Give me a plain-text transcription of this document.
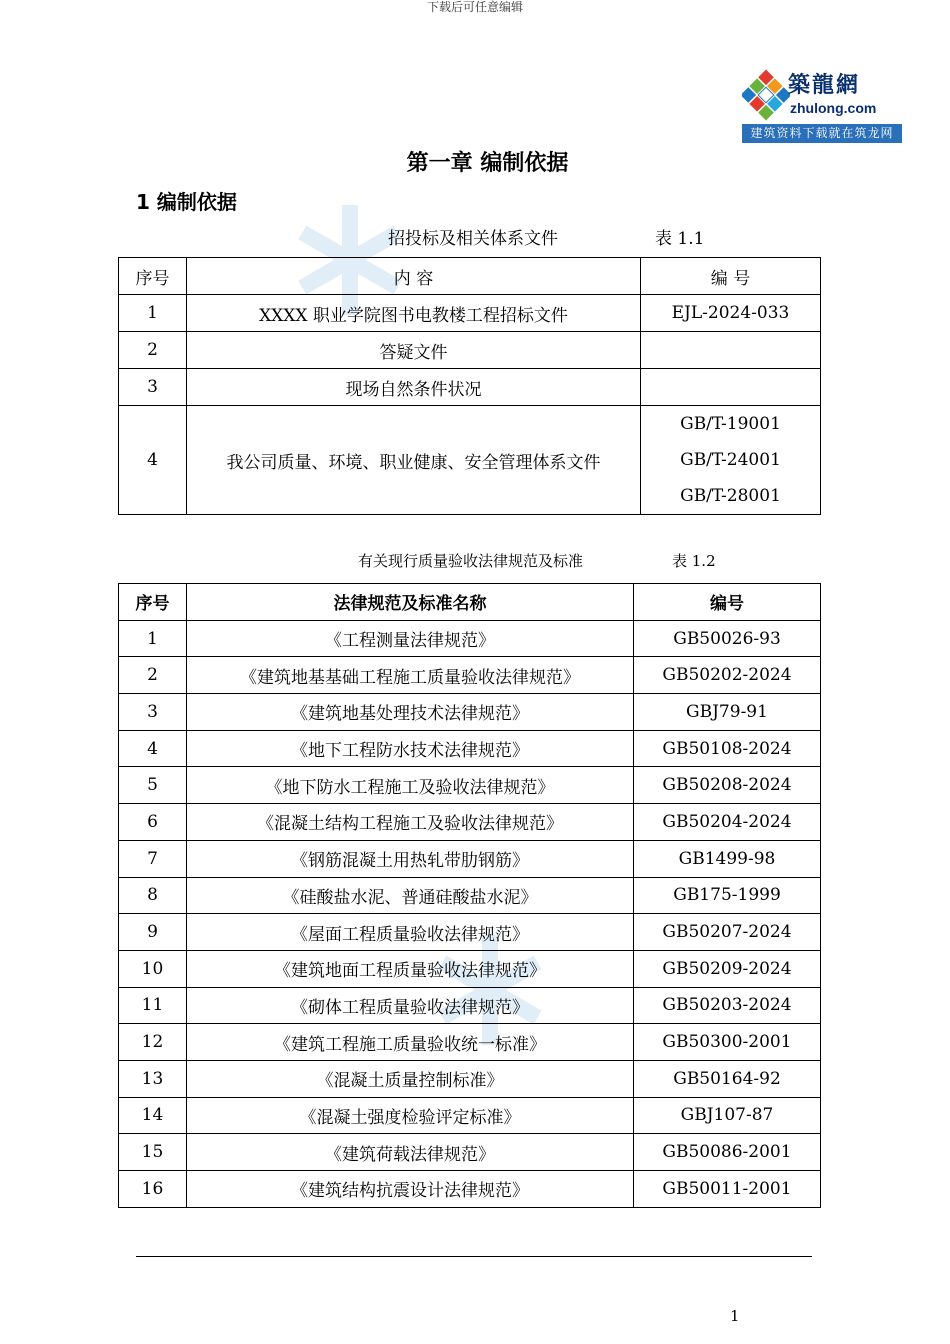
下载后可任意编辑
築龍網
zhulong.com
建筑资料下载就在筑龙网
第一章 编制依据
1 编制依据
招投标及相关体系文件	表 1.1
序号	内 容	编 号
1	XXXX 职业学院图书电教楼工程招标文件	EJL-2024-033
2	答疑文件	
3	现场自然条件状况	
4	我公司质量、环境、职业健康、安全管理体系文件	GB/T-19001
GB/T-24001
GB/T-28001
有关现行质量验收法律规范及标准	表 1.2
序号	法律规范及标准名称	编号
1	《工程测量法律规范》	GB50026-93
2	《建筑地基基础工程施工质量验收法律规范》	GB50202-2024
3	《建筑地基处理技术法律规范》	GBJ79-91
4	《地下工程防水技术法律规范》	GB50108-2024
5	《地下防水工程施工及验收法律规范》	GB50208-2024
6	《混凝土结构工程施工及验收法律规范》	GB50204-2024
7	《钢筋混凝土用热轧带肋钢筋》	GB1499-98
8	《硅酸盐水泥、普通硅酸盐水泥》	GB175-1999
9	《屋面工程质量验收法律规范》	GB50207-2024
10	《建筑地面工程质量验收法律规范》	GB50209-2024
11	《砌体工程质量验收法律规范》	GB50203-2024
12	《建筑工程施工质量验收统一标准》	GB50300-2001
13	《混凝土质量控制标准》	GB50164-92
14	《混凝土强度检验评定标准》	GBJ107-87
15	《建筑荷载法律规范》	GB50086-2001
16	《建筑结构抗震设计法律规范》	GB50011-2001
1
